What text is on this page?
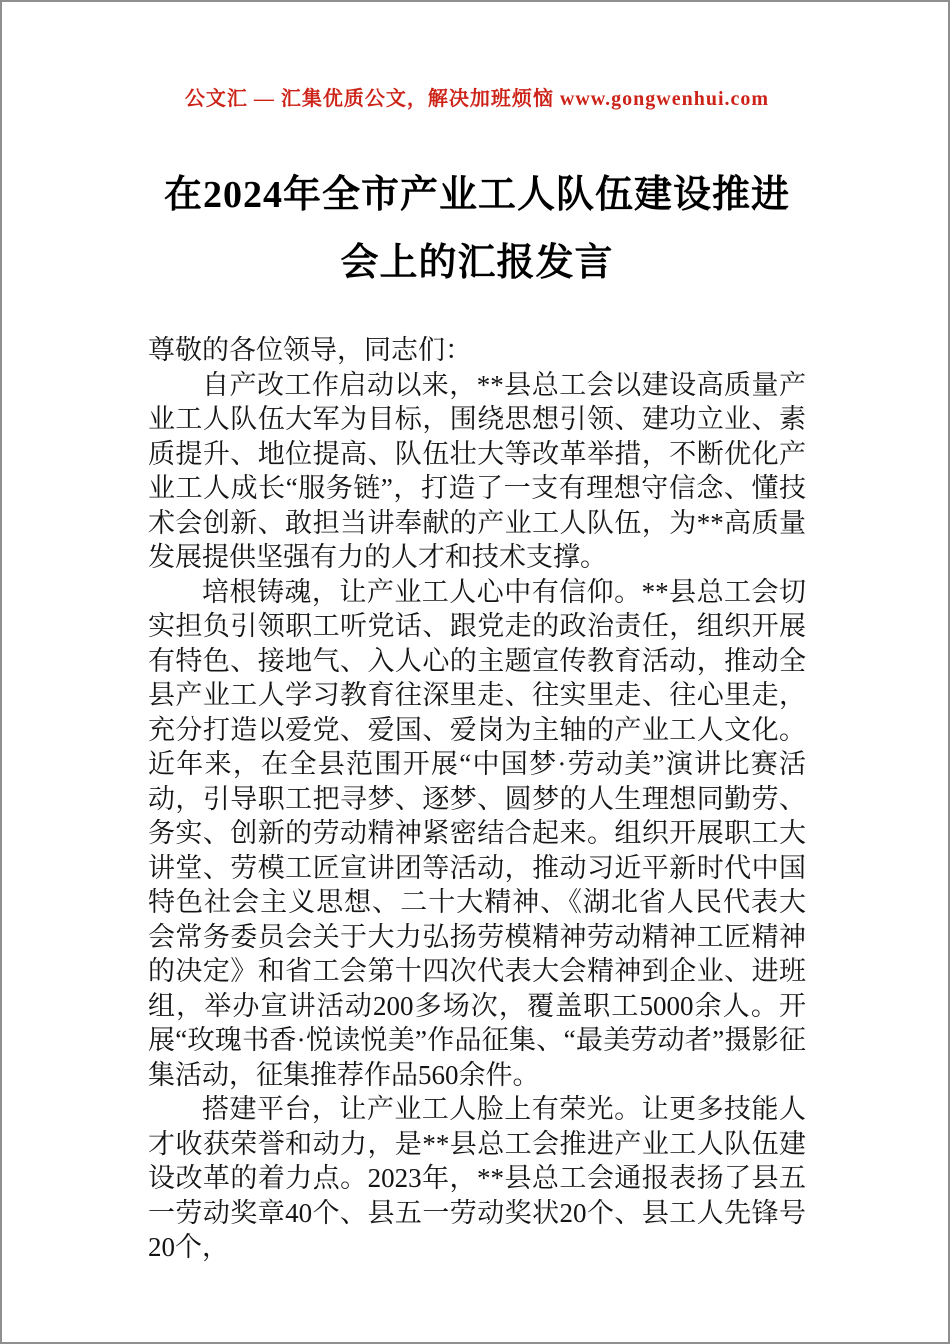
公文汇 — 汇集优质公文，解决加班烦恼 www.gongwenhui.com
在2024年全市产业工人队伍建设推进会上的汇报发言

尊敬的各位领导，同志们：

自产改工作启动以来，**县总工会以建设高质量产业工人队伍大军为目标，围绕思想引领、建功立业、素质提升、地位提高、队伍壮大等改革举措，不断优化产业工人成长“服务链”，打造了一支有理想守信念、懂技术会创新、敢担当讲奉献的产业工人队伍，为**高质量发展提供坚强有力的人才和技术支撑。

培根铸魂，让产业工人心中有信仰。**县总工会切实担负引领职工听党话、跟党走的政治责任，组织开展有特色、接地气、入人心的主题宣传教育活动，推动全县产业工人学习教育往深里走、往实里走、往心里走，充分打造以爱党、爱国、爱岗为主轴的产业工人文化。近年来，在全县范围开展“中国梦·劳动美”演讲比赛活动，引导职工把寻梦、逐梦、圆梦的人生理想同勤劳、务实、创新的劳动精神紧密结合起来。组织开展职工大讲堂、劳模工匠宣讲团等活动，推动习近平新时代中国特色社会主义思想、二十大精神、《湖北省人民代表大会常务委员会关于大力弘扬劳模精神劳动精神工匠精神的决定》和省工会第十四次代表大会精神到企业、进班组，举办宣讲活动200多场次，覆盖职工5000余人。开展“玫瑰书香·悦读悦美”作品征集、“最美劳动者”摄影征集活动，征集推荐作品560余件。

搭建平台，让产业工人脸上有荣光。让更多技能人才收获荣誉和动力，是**县总工会推进产业工人队伍建设改革的着力点。2023年，**县总工会通报表扬了县五一劳动奖章40个、县五一劳动奖状20个、县工人先锋号20个，
